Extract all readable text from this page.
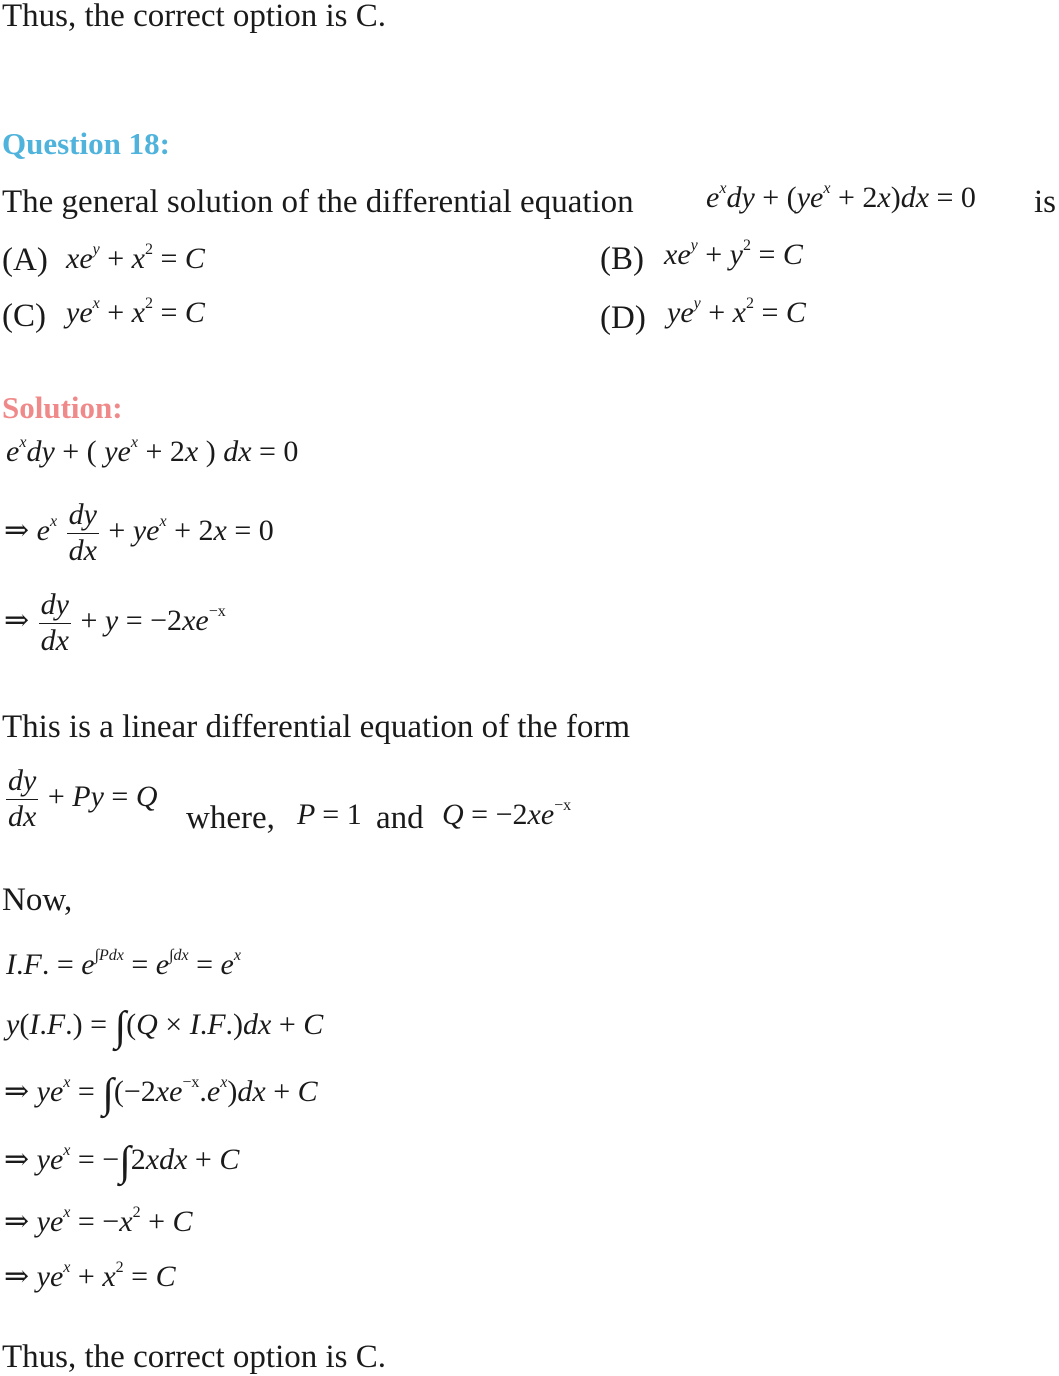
Thus, the correct option is C.
Question 18:
The general solution of the differential equation $e^xdy + (ye^x + 2x)dx = 0$ is
(A) $xe^y + x^2 = C$	(B) $xe^y + y^2 = C$
(C) $ye^x + x^2 = C$	(D) $ye^y + x^2 = C$
Solution:
$e^xdy$ + ( $ye^x + 2x$ ) dx = 0
⇒ $e^x \frac{dy}{dx} + ye^x + 2x = 0$
⇒ $\frac{dy}{dx} + y = -2xe^{-x}$
This is a linear differential equation of the form
$\frac{dy}{dx} + Py = Q$
where, P = 1 and $Q = -2xe^{-x}$
Now,
I.F. = $e^{\int Pdx} = e^{\int dx} = e^x$
y(I.F.) = ∫(Q × I.F.)dx + C
⇒ $ye^x = \int(-2xe^{-x}.e^x)dx + C$
⇒ $ye^x = -\int 2xdx + C$
⇒ $ye^x = -x^2 + C$
⇒ $ye^x + x^2 = C$
Thus, the correct option is C.
